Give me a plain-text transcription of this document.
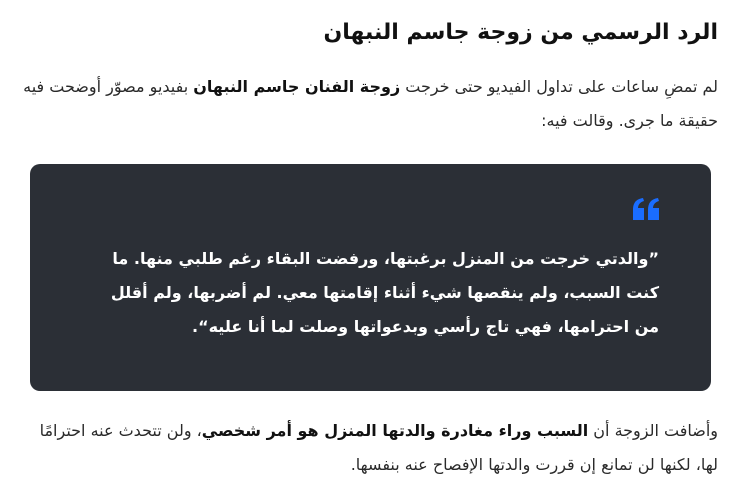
الرد الرسمي من زوجة جاسم النبهان

لم تمضِ ساعات على تداول الفيديو حتى خرجت زوجة الفنان جاسم النبهان بفيديو مصوّر أوضحت فيه حقيقة ما جرى. وقالت فيه:

”والدتي خرجت من المنزل برغبتها، ورفضت البقاء رغم طلبي منها. ما كنت السبب، ولم ينقصها شيء أثناء إقامتها معي. لم أضربها، ولم أقلل من احترامها، فهي تاج رأسي وبدعواتها وصلت لما أنا عليه“.

وأضافت الزوجة أن السبب وراء مغادرة والدتها المنزل هو أمر شخصي، ولن تتحدث عنه احترامًا لها، لكنها لن تمانع إن قررت والدتها الإفصاح عنه بنفسها.
